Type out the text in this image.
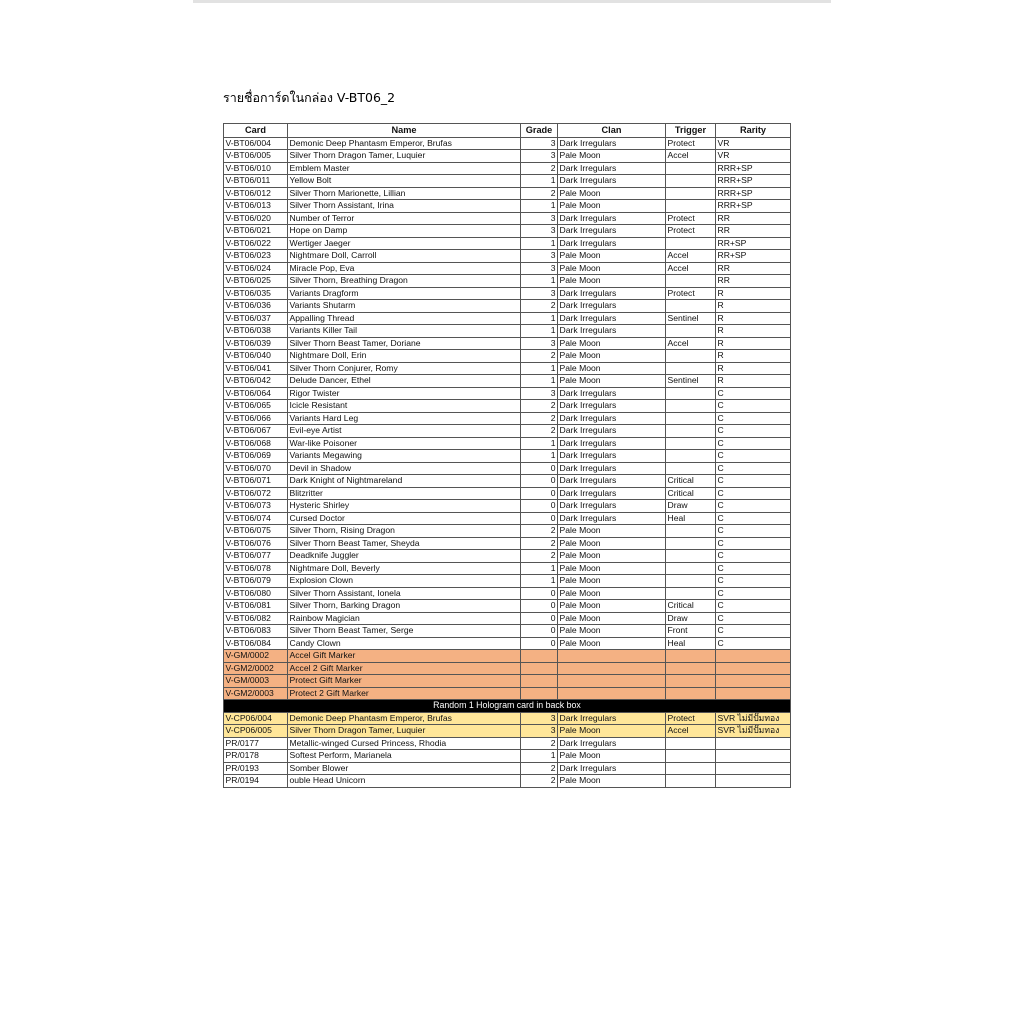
รายชื่อการ์ดในกล่อง V-BT06_2
Card	Name	Grade	Clan	Trigger	Rarity
V-BT06/004	Demonic Deep Phantasm Emperor, Brufas	3	Dark Irregulars	Protect	VR
V-BT06/005	Silver Thorn Dragon Tamer, Luquier	3	Pale Moon	Accel	VR
V-BT06/010	Emblem Master	2	Dark Irregulars		RRR+SP
V-BT06/011	Yellow Bolt	1	Dark Irregulars		RRR+SP
V-BT06/012	Silver Thorn Marionette, Lillian	2	Pale Moon		RRR+SP
V-BT06/013	Silver Thorn Assistant, Irina	1	Pale Moon		RRR+SP
V-BT06/020	Number of Terror	3	Dark Irregulars	Protect	RR
V-BT06/021	Hope on Damp	3	Dark Irregulars	Protect	RR
V-BT06/022	Wertiger Jaeger	1	Dark Irregulars		RR+SP
V-BT06/023	Nightmare Doll, Carroll	3	Pale Moon	Accel	RR+SP
V-BT06/024	Miracle Pop, Eva	3	Pale Moon	Accel	RR
V-BT06/025	Silver Thorn, Breathing Dragon	1	Pale Moon		RR
V-BT06/035	Variants Dragform	3	Dark Irregulars	Protect	R
V-BT06/036	Variants Shutarm	2	Dark Irregulars		R
V-BT06/037	Appalling Thread	1	Dark Irregulars	Sentinel	R
V-BT06/038	Variants Killer Tail	1	Dark Irregulars		R
V-BT06/039	Silver Thorn Beast Tamer, Doriane	3	Pale Moon	Accel	R
V-BT06/040	Nightmare Doll, Erin	2	Pale Moon		R
V-BT06/041	Silver Thorn Conjurer, Romy	1	Pale Moon		R
V-BT06/042	Delude Dancer, Ethel	1	Pale Moon	Sentinel	R
V-BT06/064	Rigor Twister	3	Dark Irregulars		C
V-BT06/065	Icicle Resistant	2	Dark Irregulars		C
V-BT06/066	Variants Hard Leg	2	Dark Irregulars		C
V-BT06/067	Evil-eye Artist	2	Dark Irregulars		C
V-BT06/068	War-like Poisoner	1	Dark Irregulars		C
V-BT06/069	Variants Megawing	1	Dark Irregulars		C
V-BT06/070	Devil in Shadow	0	Dark Irregulars		C
V-BT06/071	Dark Knight of Nightmareland	0	Dark Irregulars	Critical	C
V-BT06/072	Blitzritter	0	Dark Irregulars	Critical	C
V-BT06/073	Hysteric Shirley	0	Dark Irregulars	Draw	C
V-BT06/074	Cursed Doctor	0	Dark Irregulars	Heal	C
V-BT06/075	Silver Thorn, Rising Dragon	2	Pale Moon		C
V-BT06/076	Silver Thorn Beast Tamer, Sheyda	2	Pale Moon		C
V-BT06/077	Deadknife Juggler	2	Pale Moon		C
V-BT06/078	Nightmare Doll, Beverly	1	Pale Moon		C
V-BT06/079	Explosion Clown	1	Pale Moon		C
V-BT06/080	Silver Thorn Assistant, Ionela	0	Pale Moon		C
V-BT06/081	Silver Thorn, Barking Dragon	0	Pale Moon	Critical	C
V-BT06/082	Rainbow Magician	0	Pale Moon	Draw	C
V-BT06/083	Silver Thorn Beast Tamer, Serge	0	Pale Moon	Front	C
V-BT06/084	Candy Clown	0	Pale Moon	Heal	C
V-GM/0002	Accel Gift Marker				
V-GM2/0002	Accel 2 Gift Marker				
V-GM/0003	Protect Gift Marker				
V-GM2/0003	Protect 2 Gift Marker				
Random 1 Hologram card in back box					
V-CP06/004	Demonic Deep Phantasm Emperor, Brufas	3	Dark Irregulars	Protect	SVR ไม่มีปั๊มทอง
V-CP06/005	Silver Thorn Dragon Tamer, Luquier	3	Pale Moon	Accel	SVR ไม่มีปั๊มทอง
PR/0177	Metallic-winged Cursed Princess, Rhodia	2	Dark Irregulars		
PR/0178	Softest Perform, Marianela	1	Pale Moon		
PR/0193	Somber Blower	2	Dark Irregulars		
PR/0194	ouble Head Unicorn	2	Pale Moon		
